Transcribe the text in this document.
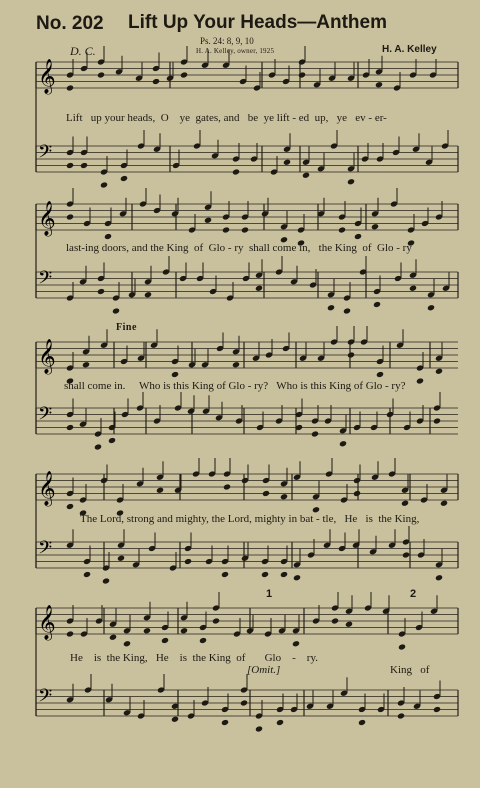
No. 202 Lift Up Your Heads—Anthem
Ps. 24: 8, 9, 10
D. C.	H. A. Kelley, owner, 1925	H. A. Kelley
𝄞
𝄢
𝄞
𝄢
𝄞
𝄢
𝄞
𝄢
𝄞
𝄢
Lift   up your heads,  O    ye  gates, and   be  ye lift - ed  up,   ye   ev - er-
last-ing doors, and the King  of  Glo - ry  shall come in,   the King  of  Glo - ry
Fine
shall come in.     Who is this King of Glo - ry?   Who is this King of Glo - ry?
The Lord, strong and mighty, the Lord, mighty in bat - tle,   He   is  the King,
1	2
He    is  the King,   He    is  the King  of       Glo    -    ry.
[Omit.]	King   of
